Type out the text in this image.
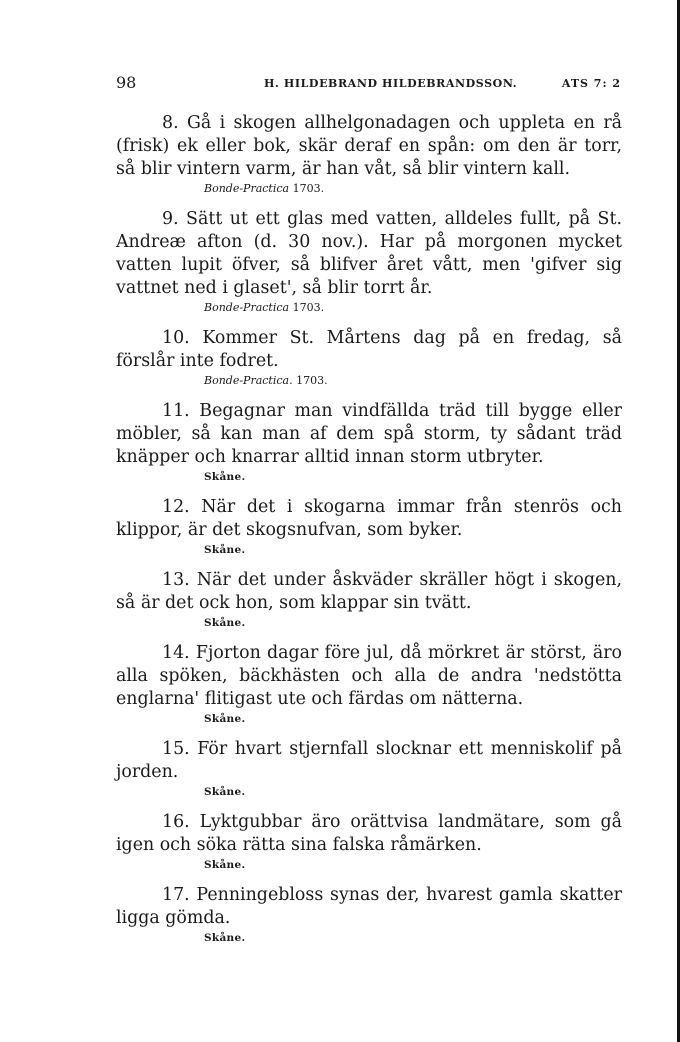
98	H. HILDEBRAND HILDEBRANDSSON.	ATS 7: 2

8. Gå i skogen allhelgonadagen och uppleta en rå (frisk) ek eller bok, skär deraf en spån: om den är torr, så blir vintern varm, är han våt, så blir vintern kall.

Bonde-Practica 1703.

9. Sätt ut ett glas med vatten, alldeles fullt, på St. Andreæ afton (d. 30 nov.). Har på morgonen mycket vatten lupit öfver, så blifver året vått, men 'gifver sig vattnet ned i glaset', så blir torrt år.

Bonde-Practica 1703.

10. Kommer St. Mårtens dag på en fredag, så förslår inte fodret.

Bonde-Practica. 1703.

11. Begagnar man vindfällda träd till bygge eller möbler, så kan man af dem spå storm, ty sådant träd knäpper och knarrar alltid innan storm utbryter.

Skåne.

12. När det i skogarna immar från stenrös och klippor, är det skogsnufvan, som byker.

Skåne.

13. När det under åskväder skräller högt i skogen, så är det ock hon, som klappar sin tvätt.

Skåne.

14. Fjorton dagar före jul, då mörkret är störst, äro alla spöken, bäckhästen och alla de andra 'nedstötta englarna' flitigast ute och färdas om nätterna.

Skåne.

15. För hvart stjernfall slocknar ett menniskolif på jorden.

Skåne.

16. Lyktgubbar äro orättvisa landmätare, som gå igen och söka rätta sina falska råmärken.

Skåne.

17. Penningebloss synas der, hvarest gamla skatter ligga gömda.

Skåne.
